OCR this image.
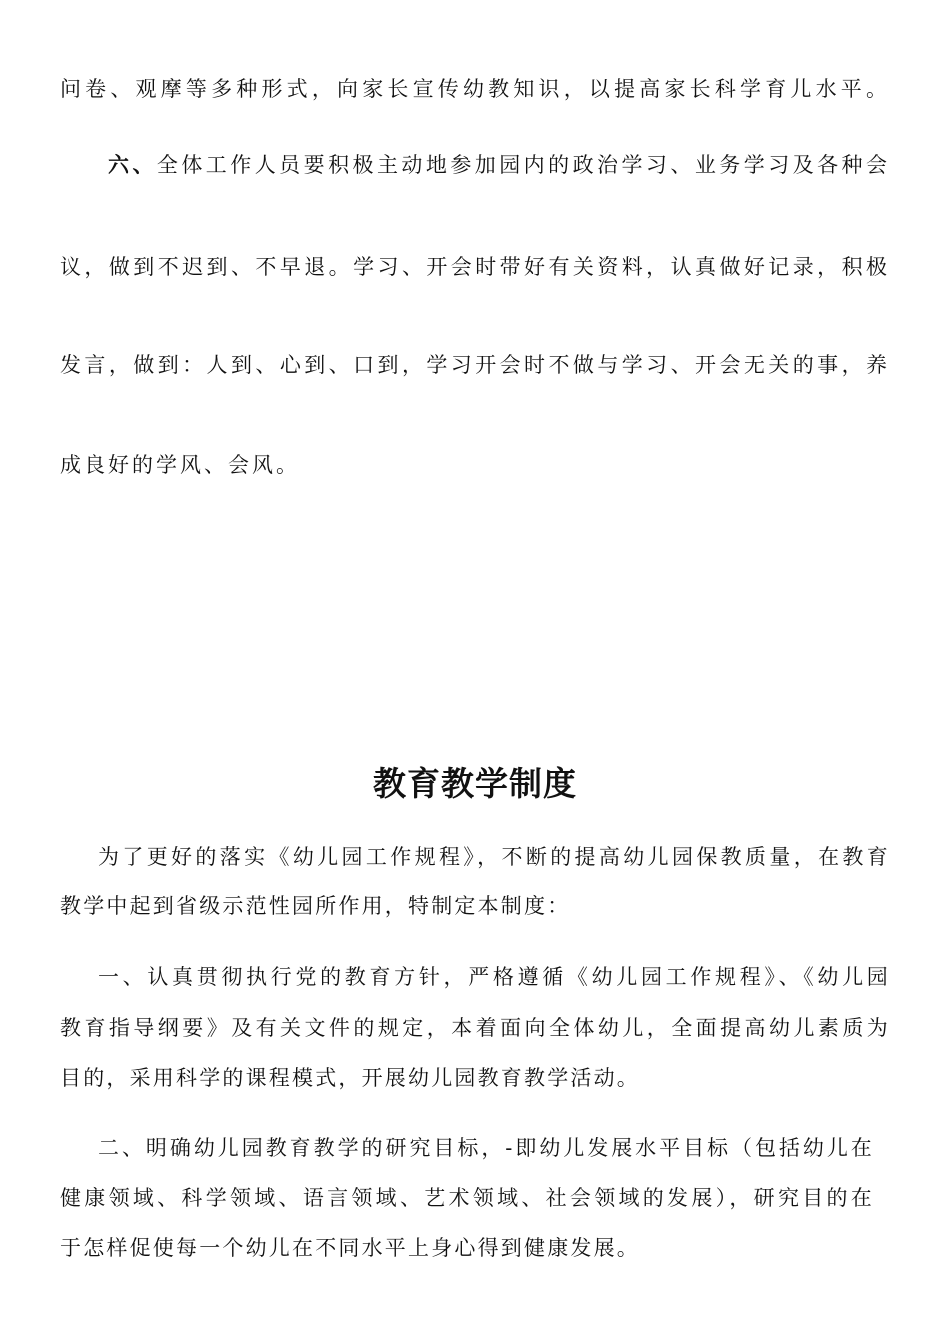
问卷、观摩等多种形式，向家长宣传幼教知识，以提高家长科学育儿水平。
六、全体工作人员要积极主动地参加园内的政治学习、业务学习及各种会
议，做到不迟到、不早退。学习、开会时带好有关资料，认真做好记录，积极
发言，做到：人到、心到、口到，学习开会时不做与学习、开会无关的事，养
成良好的学风、会风。
教育教学制度
为了更好的落实《幼儿园工作规程》，不断的提高幼儿园保教质量，在教育
教学中起到省级示范性园所作用，特制定本制度：
一、认真贯彻执行党的教育方针，严格遵循《幼儿园工作规程》、《幼儿园
教育指导纲要》及有关文件的规定，本着面向全体幼儿，全面提高幼儿素质为
目的，采用科学的课程模式，开展幼儿园教育教学活动。
二、明确幼儿园教育教学的研究目标，-即幼儿发展水平目标（包括幼儿在
健康领域、科学领域、语言领域、艺术领域、社会领域的发展），研究目的在
于怎样促使每一个幼儿在不同水平上身心得到健康发展。
